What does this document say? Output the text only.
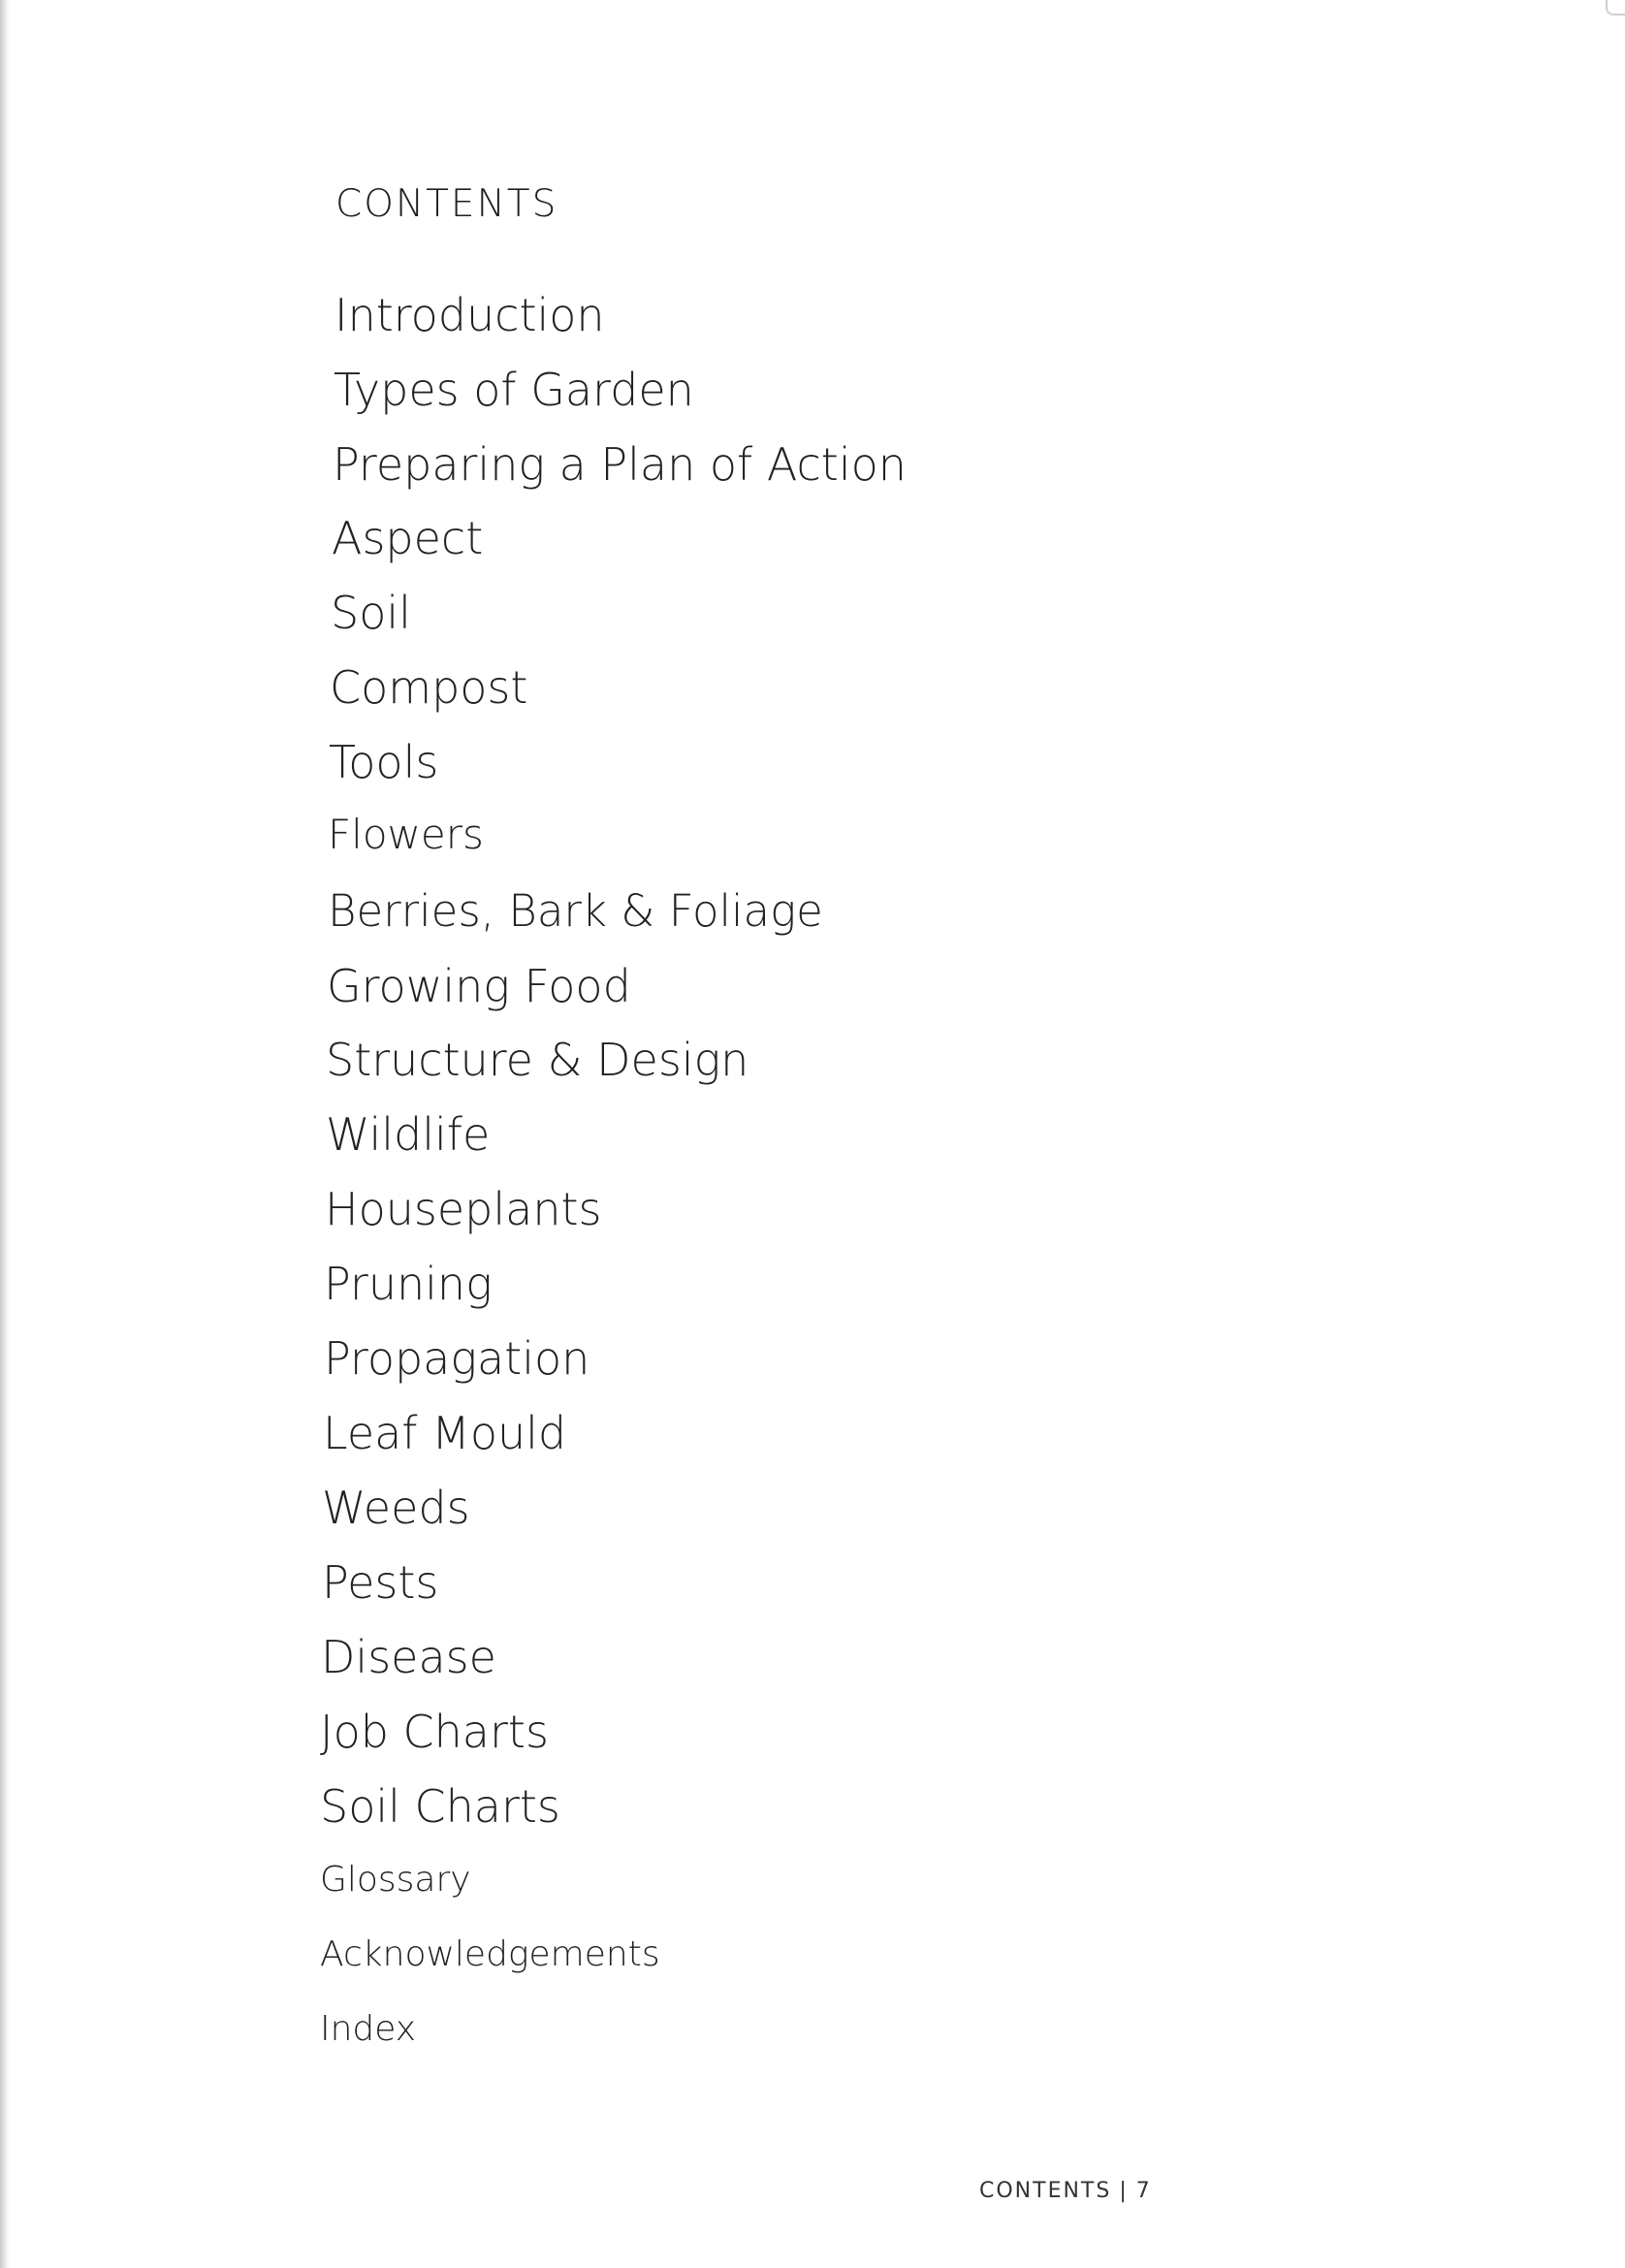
CONTENTS
Introduction
Types of Garden
Preparing a Plan of Action
Aspect
Soil
Compost
Tools
Flowers
Berries, Bark & Foliage
Growing Food
Structure & Design
Wildlife
Houseplants
Pruning
Propagation
Leaf Mould
Weeds
Pests
Disease
Job Charts
Soil Charts
Glossary
Acknowledgements
Index
CONTENTS | 7
